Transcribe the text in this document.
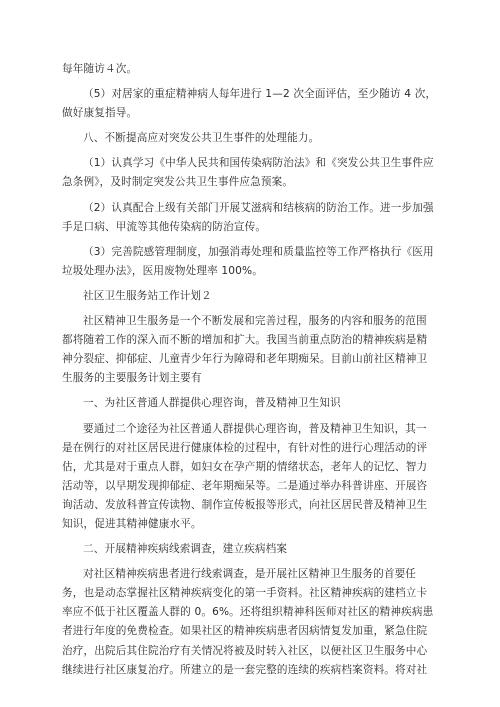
每年随访４次。
（5）对居家的重症精神病人每年进行 1—2 次全面评估，至少随访 4 次，
做好康复指导。
八、不断提高应对突发公共卫生事件的处理能力。
（1）认真学习《中华人民共和国传染病防治法》和《突发公共卫生事件应
急条例》，及时制定突发公共卫生事件应急预案。
（2）认真配合上级有关部门开展艾滋病和结核病的防治工作。进一步加强
手足口病、甲流等其他传染病的防治宣传。
（3）完善院感管理制度，加强消毒处理和质量监控等工作严格执行《医用
垃圾处理办法》，医用废物处理率 100%。
社区卫生服务站工作计划２
社区精神卫生服务是一个不断发展和完善过程，服务的内容和服务的范围
都将随着工作的深入而不断的增加和扩大。我国当前重点防治的精神疾病是精
神分裂症、抑郁症、儿童青少年行为障碍和老年期痴呆。目前山前社区精神卫
生服务的主要服务计划主要有
一、为社区普通人群提供心理咨询，普及精神卫生知识
要通过二个途径为社区普通人群提供心理咨询，普及精神卫生知识，其一
是在例行的对社区居民进行健康体检的过程中，有针对性的进行心理活动的评
估，尤其是对于重点人群，如妇女在孕产期的情绪状态，老年人的记忆、智力
活动等，以早期发现抑郁症、老年期痴呆等。二是通过举办科普讲座、开展咨
询活动、发放科普宣传读物、制作宣传板报等形式，向社区居民普及精神卫生
知识，促进其精神健康水平。
二、开展精神疾病线索调查，建立疾病档案
对社区精神疾病患者进行线索调查，是开展社区精神卫生服务的首要任
务，也是动态掌握社区精神疾病变化的第一手资料。社区精神疾病的建档立卡
率应不低于社区覆盖人群的 0。6%。还将组织精神科医师对社区的精神疾病患
者进行年度的免费检查。如果社区的精神疾病患者因病情复发加重，紧急住院
治疗，出院后其住院治疗有关情况将被及时转入社区，以便社区卫生服务中心
继续进行社区康复治疗。所建立的是一套完整的连续的疾病档案资料。将对社
